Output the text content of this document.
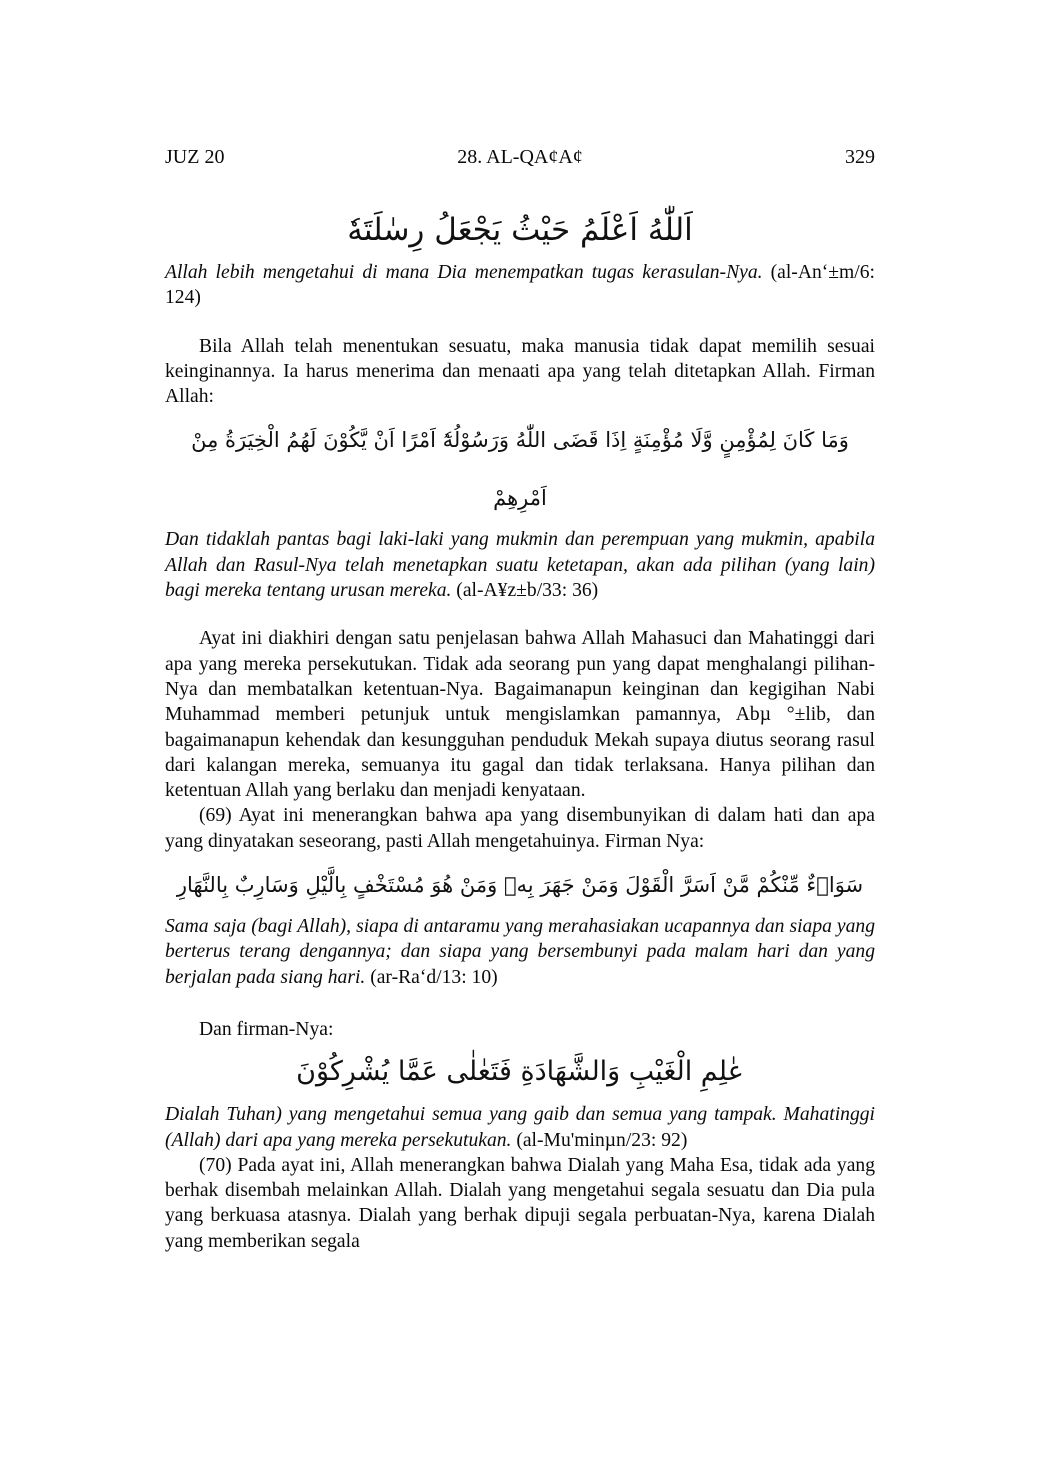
JUZ 20	28. AL-QA¢A¢	329
اَللّٰهُ اَعْلَمُ حَيْثُ يَجْعَلُ رِسٰلَتَهٗ

Allah lebih mengetahui di mana Dia menempatkan tugas kerasulan-Nya. (al-An‘±m/6: 124)

Bila Allah telah menentukan sesuatu, maka manusia tidak dapat memilih sesuai keinginannya. Ia harus menerima dan menaati apa yang telah ditetapkan Allah. Firman Allah:

وَمَا كَانَ لِمُؤْمِنٍ وَّلَا مُؤْمِنَةٍ اِذَا قَضَى اللّٰهُ وَرَسُوْلُهٗٓ اَمْرًا اَنْ يَّكُوْنَ لَهُمُ الْخِيَرَةُ مِنْ اَمْرِهِمْ

Dan tidaklah pantas bagi laki-laki yang mukmin dan perempuan yang mukmin, apabila Allah dan Rasul-Nya telah menetapkan suatu ketetapan, akan ada pilihan (yang lain) bagi mereka tentang urusan mereka. (al-A¥z±b/33: 36)

Ayat ini diakhiri dengan satu penjelasan bahwa Allah Mahasuci dan Mahatinggi dari apa yang mereka persekutukan. Tidak ada seorang pun yang dapat menghalangi pilihan-Nya dan membatalkan ketentuan-Nya. Bagaimanapun keinginan dan kegigihan Nabi Muhammad memberi petunjuk untuk mengislamkan pamannya, Abµ °±lib, dan bagaimanapun kehendak dan kesungguhan penduduk Mekah supaya diutus seorang rasul dari kalangan mereka, semuanya itu gagal dan tidak terlaksana. Hanya pilihan dan ketentuan Allah yang berlaku dan menjadi kenyataan.

(69) Ayat ini menerangkan bahwa apa yang disembunyikan di dalam hati dan apa yang dinyatakan seseorang, pasti Allah mengetahuinya. Firman Nya:

سَوَاۤءٌ مِّنْكُمْ مَّنْ اَسَرَّ الْقَوْلَ وَمَنْ جَهَرَ بِهٖ وَمَنْ هُوَ مُسْتَخْفٍ بِالَّيْلِ وَسَارِبٌ بِالنَّهَارِ

Sama saja (bagi Allah), siapa di antaramu yang merahasiakan ucapannya dan siapa yang berterus terang dengannya; dan siapa yang bersembunyi pada malam hari dan yang berjalan pada siang hari. (ar-Ra‘d/13: 10)

Dan firman-Nya:

عٰلِمِ الْغَيْبِ وَالشَّهَادَةِ فَتَعٰلٰى عَمَّا يُشْرِكُوْنَ

Dialah Tuhan) yang mengetahui semua yang gaib dan semua yang tampak. Mahatinggi (Allah) dari apa yang mereka persekutukan. (al-Mu'minµn/23: 92)

(70) Pada ayat ini, Allah menerangkan bahwa Dialah yang Maha Esa, tidak ada yang berhak disembah melainkan Allah. Dialah yang mengetahui segala sesuatu dan Dia pula yang berkuasa atasnya. Dialah yang berhak dipuji segala perbuatan-Nya, karena Dialah yang memberikan segala
